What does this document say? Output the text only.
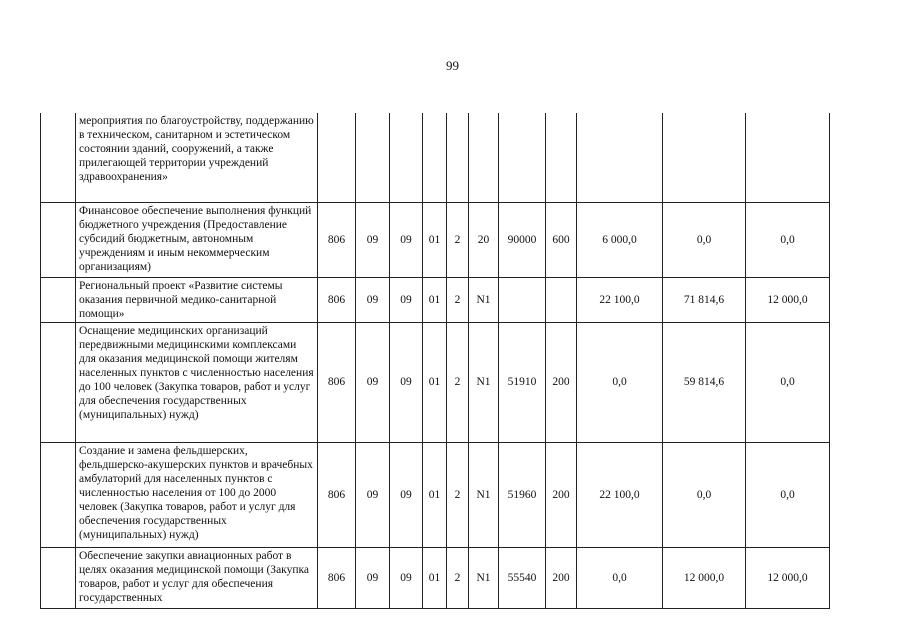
99
	мероприятия по благоустройству, поддержанию в техническом, санитарном и эстетическом состоянии зданий, сооружений, а также прилегающей территории учреждений здравоохранения»											
	Финансовое обеспечение выполнения функций бюджетного учреждения (Предоставление субсидий бюджетным, автономным учреждениям и иным некоммерческим организациям)	806	09	09	01	2	20	90000	600	6 000,0	0,0	0,0
	Региональный проект «Развитие системы оказания первичной медико-санитарной помощи»	806	09	09	01	2	N1			22 100,0	71 814,6	12 000,0
	Оснащение медицинских организаций передвижными медицинскими комплексами для оказания медицинской помощи жителям населенных пунктов с численностью населения до 100 человек (Закупка товаров, работ и услуг для обеспечения государственных (муниципальных) нужд)	806	09	09	01	2	N1	51910	200	0,0	59 814,6	0,0
	Создание и замена фельдшерских, фельдшерско-акушерских пунктов и врачебных амбулаторий для населенных пунктов с численностью населения от 100 до 2000 человек (Закупка товаров, работ и услуг для обеспечения государственных (муниципальных) нужд)	806	09	09	01	2	N1	51960	200	22 100,0	0,0	0,0
	Обеспечение закупки авиационных работ в целях оказания медицинской помощи (Закупка товаров, работ и услуг для обеспечения государственных	806	09	09	01	2	N1	55540	200	0,0	12 000,0	12 000,0
